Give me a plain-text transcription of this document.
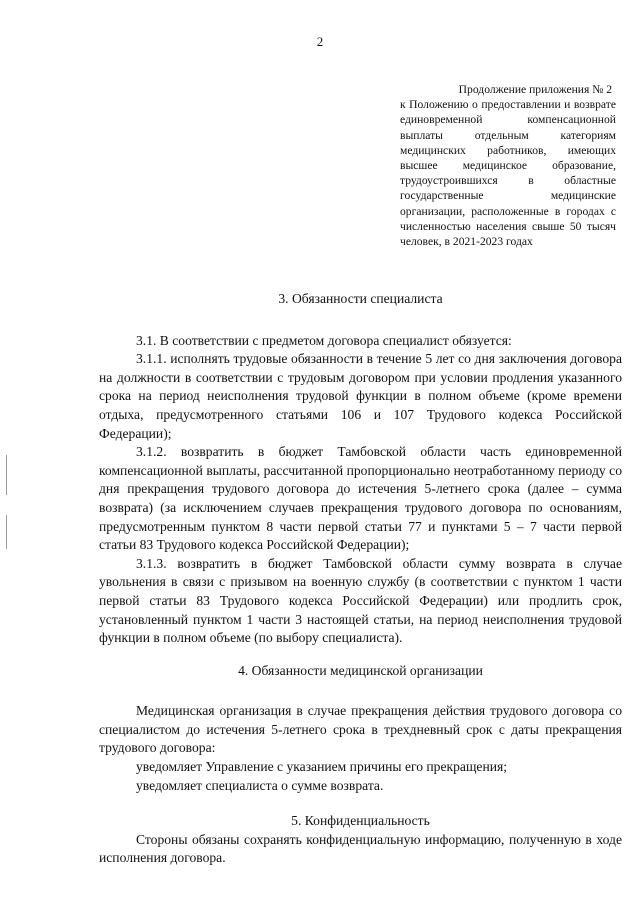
2
Продолжение приложения № 2
к Положению о предоставлении и возврате единовременной компенсационной выплаты отдельным категориям медицинских работников, имеющих высшее медицинское образование, трудоустроившихся в областные государственные медицинские организации, расположенные в городах с численностью населения свыше 50 тысяч человек, в 2021-2023 годах

3. Обязанности специалиста

3.1. В соответствии с предметом договора специалист обязуется:

3.1.1. исполнять трудовые обязанности в течение 5 лет со дня заключения договора на должности в соответствии с трудовым договором при условии продления указанного срока на период неисполнения трудовой функции в полном объеме (кроме времени отдыха, предусмотренного статьями 106 и 107 Трудового кодекса Российской Федерации);

3.1.2. возвратить в бюджет Тамбовской области часть единовременной компенсационной выплаты, рассчитанной пропорционально неотработанному периоду со дня прекращения трудового договора до истечения 5-летнего срока (далее – сумма возврата) (за исключением случаев прекращения трудового договора по основаниям, предусмотренным пунктом 8 части первой статьи 77 и пунктами 5 – 7 части первой статьи 83 Трудового кодекса Российской Федерации);

3.1.3. возвратить в бюджет Тамбовской области сумму возврата в случае увольнения в связи с призывом на военную службу (в соответствии с пунктом 1 части первой статьи 83 Трудового кодекса Российской Федерации) или продлить срок, установленный пунктом 1 части 3 настоящей статьи, на период неисполнения трудовой функции в полном объеме (по выбору специалиста).

4. Обязанности медицинской организации

Медицинская организация в случае прекращения действия трудового договора со специалистом до истечения 5-летнего срока в трехдневный срок с даты прекращения трудового договора:

уведомляет Управление с указанием причины его прекращения;

уведомляет специалиста о сумме возврата.

5. Конфиденциальность

Стороны обязаны сохранять конфиденциальную информацию, полученную в ходе исполнения договора.
